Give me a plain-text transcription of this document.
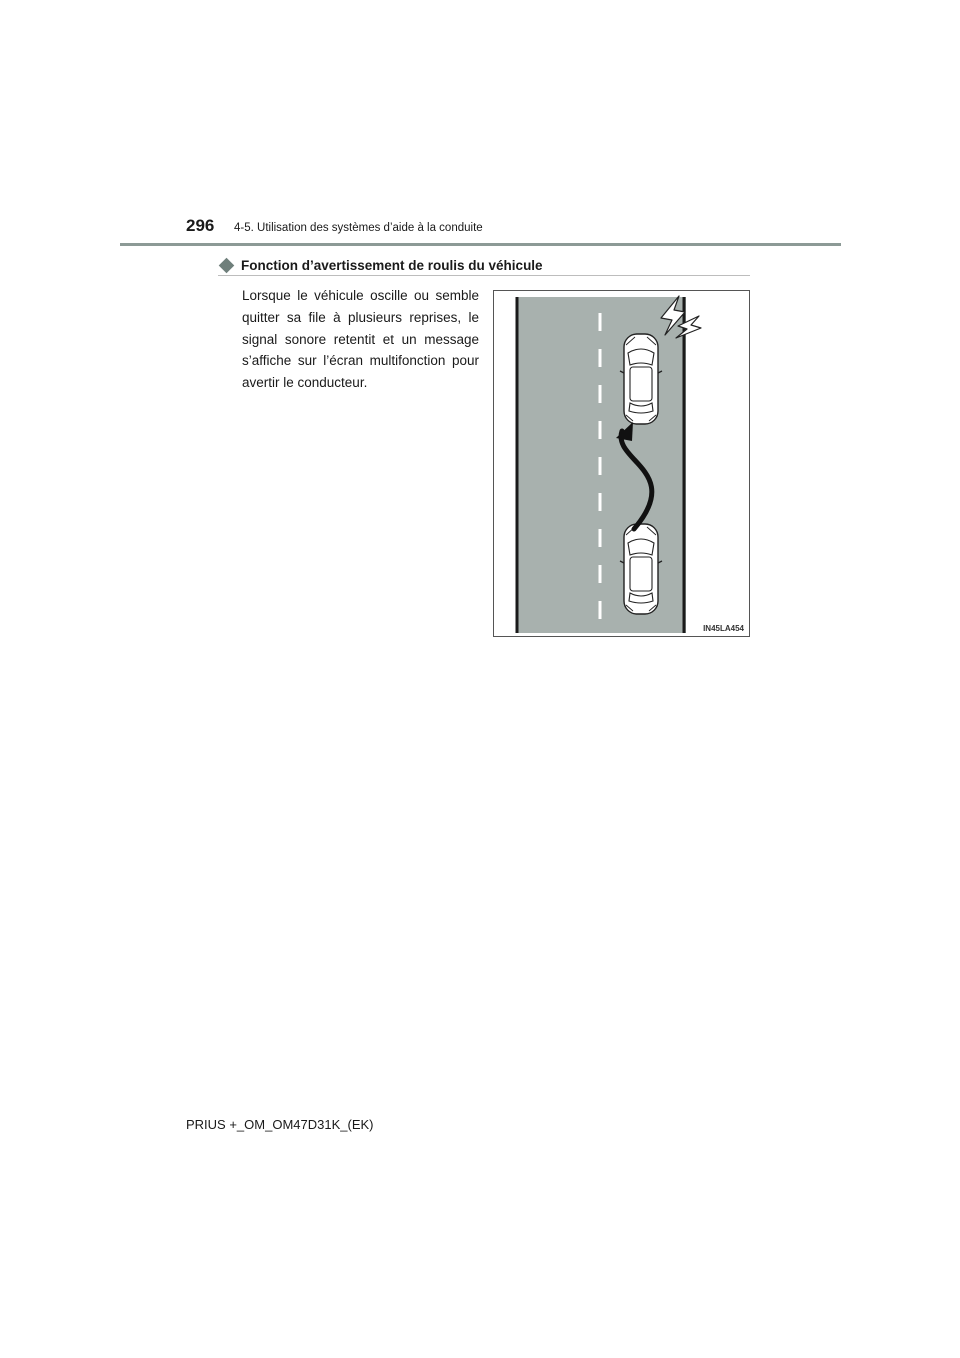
296 4-5. Utilisation des systèmes d’aide à la conduite
Fonction d’avertissement de roulis du véhicule

Lorsque le véhicule oscille ou semble quitter sa file à plusieurs reprises, le signal sonore retentit et un message s’affiche sur l’écran multifonction pour avertir le conducteur.

IN45LA454
PRIUS +_OM_OM47D31K_(EK)
